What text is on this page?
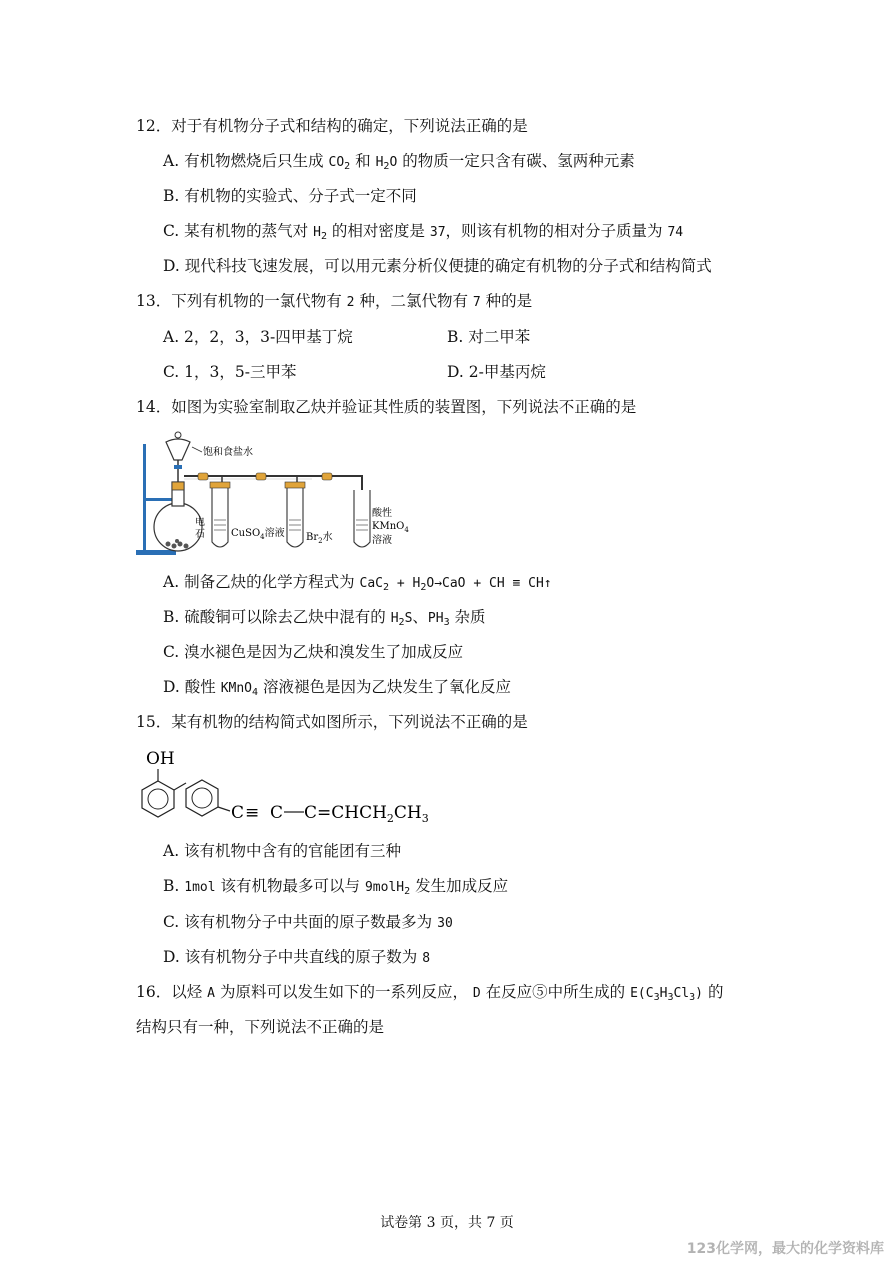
12．对于有机物分子式和结构的确定，下列说法正确的是
A. 有机物燃烧后只生成 $CO_2$ 和 $H_2O$ 的物质一定只含有碳、氢两种元素
B. 有机物的实验式、分子式一定不同
C. 某有机物的蒸气对 $H_2$ 的相对密度是 37，则该有机物的相对分子质量为 74
D. 现代科技飞速发展，可以用元素分析仪便捷的确定有机物的分子式和结构简式
13．下列有机物的一氯代物有 2 种，二氯代物有 7 种的是
A. 2，2，3，3-四甲基丁烷	B. 对二甲苯
C. 1，3，5-三甲苯	D. 2-甲基丙烷
14．如图为实验室制取乙炔并验证其性质的装置图，下列说法不正确的是
饱和食盐水
电
石	CuSO$_4$溶液 $Br_2$水
酸性
KMnO$_4$
溶液
A. 制备乙炔的化学方程式为 $CaC_2 + H_2O\to CaO$ + CH ≡ CH↑
B. 硫酸铜可以除去乙炔中混有的 $H_2S$、$PH_3$ 杂质
C. 溴水褪色是因为乙炔和溴发生了加成反应
D. 酸性 KMnO$_4$ 溶液褪色是因为乙炔发生了氧化反应
15．某有机物的结构简式如图所示，下列说法不正确的是
OH
C ≡ C $C=CHCH_2CH_3$
A. 该有机物中含有的官能团有三种
B. 1mol 该有机物最多可以与 9molH$_2$ 发生加成反应
C. 该有机物分子中共面的原子数最多为 30
D. 该有机物分子中共直线的原子数为 8
16．以烃 A 为原料可以发生如下的一系列反应， D 在反应⑤中所生成的 $E(C_3H_3Cl_3)$ 的
结构只有一种，下列说法不正确的是
试卷第 3 页，共 7 页
123化学网，最大的化学资料库
